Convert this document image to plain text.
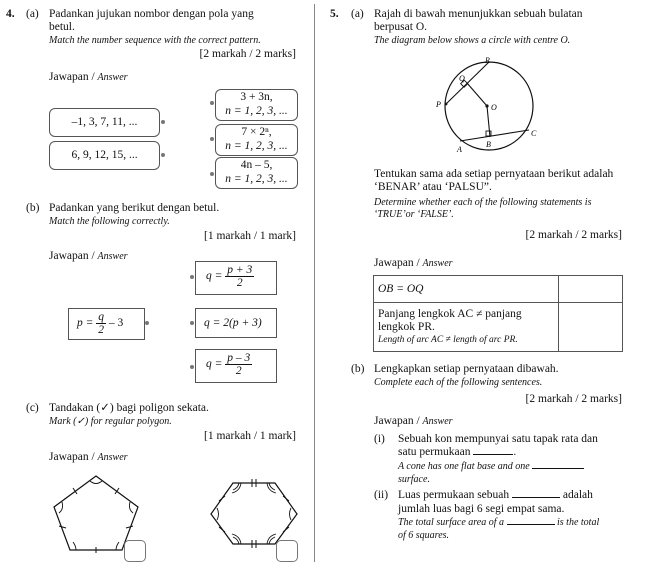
4. (a) Padankan jujukan nombor dengan pola yang
betul.
Match the number sequence with the correct pattern.
[2 markah / 2 marks]
Jawapan / Answer
–1, 3, 7, 11, ...
6, 9, 12, 15, ...
3 + 3n,
n = 1, 2, 3, ...
7 × 2ⁿ,
n = 1, 2, 3, ...
4n – 5,
n = 1, 2, 3, ...
(b) Padankan yang berikut dengan betul.
Match the following correctly.
[1 markah / 1 mark]
Jawapan / Answer
$q = \frac{p + 3}{2}$
$p = \frac{q}{2} - 3$	q = 2(p + 3)
$q = \frac{p - 3}{2}$
(c) Tandakan (✓) bagi poligon sekata.
Mark (✓) for regular polygon.
[1 markah / 1 mark]
Jawapan / Answer
5. (a) Rajah di bawah menunjukkan sebuah bulatan
berpusat O.
The diagram below shows a circle with centre O.
R
Q
P	O
C
B
A
Tentukan sama ada setiap pernyataan berikut adalah
‘BENAR’ atau ‘PALSU”.
Determine whether each of the following statements is
‘TRUE’or ‘FALSE’.
[2 markah / 2 marks]
Jawapan / Answer
OB = OQ	

Panjang lengkok AC ≠ panjang
lengkok PR.
Length of arc AC ≠ length of arc PR.	

(b) Lengkapkan setiap pernyataan dibawah.
Complete each of the following sentences.
[2 markah / 2 marks]
Jawapan / Answer
(i) Sebuah kon mempunyai satu tapak rata dan
satu permukaan	.
A cone has one flat base and one
surface.
(ii) Luas permukaan sebuah	adalah
jumlah luas bagi 6 segi empat sama.
The total surface area of a	is the total
of 6 squares.
